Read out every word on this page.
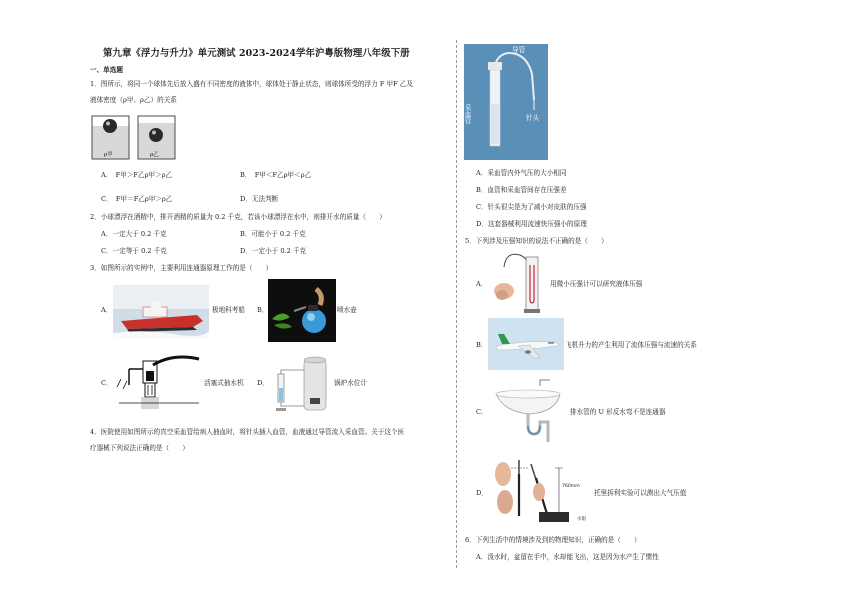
第九章《浮力与升力》单元测试 2023-2024学年沪粤版物理八年级下册
一、单选题
1．图所示，将同一个球体先后放入盛有不同密度的液体中，球体处于静止状态，则球体所受的浮力 F 甲F 乙及
液体密度（ρ甲、ρ乙）的关系
ρ甲	ρ乙
A．　F甲＞F乙ρ甲＞ρ乙	B．　F甲＜F乙ρ甲＜ρ乙
C．　F甲＝F乙ρ甲＞ρ乙	D．无法判断
2．小球漂浮在酒精中，排开酒精的质量为 0.2 千克，若该小球漂浮在水中，则排开水的质量（　　）
A．一定大于 0.2 千克	B．可能小于 0.2 千克
C．一定等于 0.2 千克	D．一定小于 0.2 千克
3．如图所示的实例中，主要利用连通器原理工作的是（　　）
A．	极地科考船 B．	喷水壶
C．	活塞式抽水机 D．	锅炉水位计
4．医院使用如图所示的真空采血管给病人抽血时，将针头插入血管，血液通过导管流入采血管。关于这个医
疗器械下列说法正确的是（　　）
导管
采血管	针头
A．采血管内外气压的大小相同
B．血管和采血管间存在压强差
C．针头很尖是为了减小对皮肤的压强
D．这套器械利用流速快压强小的原理
5．下列涉及压强知识的说法不正确的是（　　）
A．	用微小压强计可以研究液体压强
B．	飞机升力的产生利用了流体压强与流速的关系
C．	排水管的 U 形反水弯不是连通器
D．
760mm
水银
托里拆利实验可以测出大气压值
6．下列生活中的情境涉及到的物理知识，正确的是（　　）
A．泼水时，盆留在手中，水却能飞出，这是因为水产生了惯性
